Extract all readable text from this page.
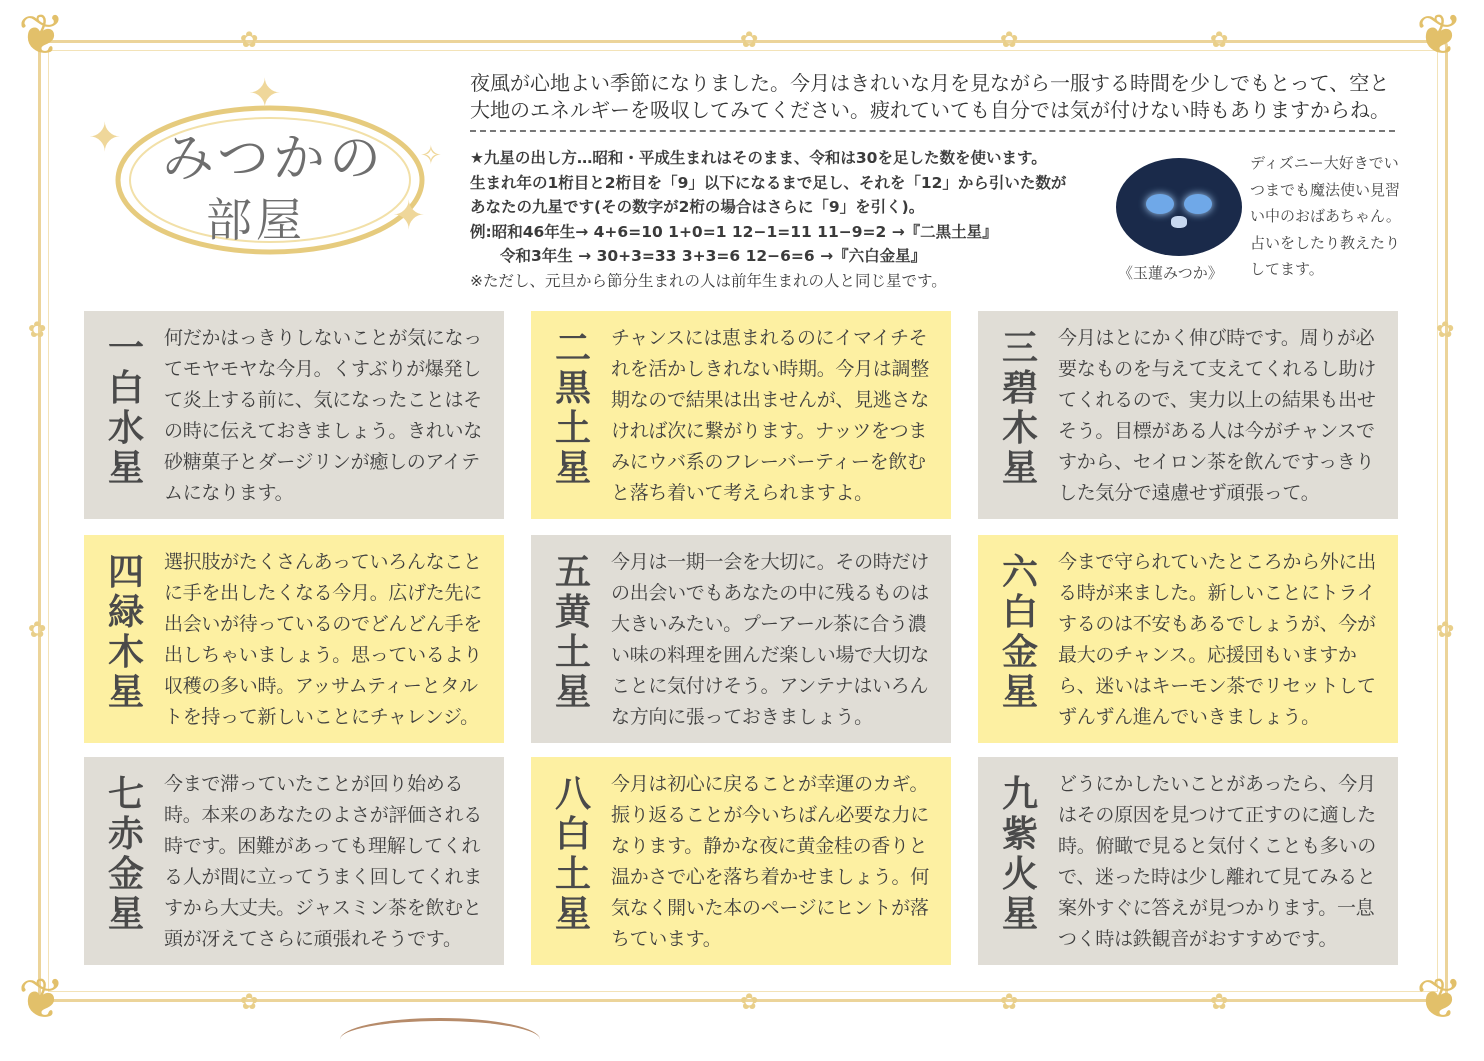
❦	❦
❦	❦
✿	✿	✿	✿
✿
✿
✿
✿
✿	✿	✿	✿
みつかの
部屋
✦
✦
✦
✧
夜風が心地よい季節になりました。今月はきれいな月を見ながら一服する時間を少しでもとって、空と大地のエネルギーを吸収してみてください。疲れていても自分では気が付けない時もありますからね。
★九星の出し方…昭和・平成生まれはそのまま、令和は30を足した数を使います。
生まれ年の1桁目と2桁目を「9」以下になるまで足し、それを「12」から引いた数が
あなたの九星です(その数字が2桁の場合はさらに「9」を引く)。
例:昭和46年生→ 4+6=10 1+0=1 12−1=11 11−9=2 →『二黒土星』
令和3年生 → 30+3=33 3+3=6 12−6=6 →『六白金星』
※ただし、元旦から節分生まれの人は前年生まれの人と同じ星です。	《玉蓮みつか》
ディズニー大好きでいつまでも魔法使い見習い中のおばあちゃん。占いをしたり教えたりしてます。
一白水星
何だかはっきりしないことが気になってモヤモヤな今月。くすぶりが爆発して炎上する前に、気になったことはその時に伝えておきましょう。きれいな砂糖菓子とダージリンが癒しのアイテムになります。
二黒土星
チャンスには恵まれるのにイマイチそれを活かしきれない時期。今月は調整期なので結果は出ませんが、見逃さなければ次に繋がります。ナッツをつまみにウバ系のフレーバーティーを飲むと落ち着いて考えられますよ。
三碧木星
今月はとにかく伸び時です。周りが必要なものを与えて支えてくれるし助けてくれるので、実力以上の結果も出せそう。目標がある人は今がチャンスですから、セイロン茶を飲んですっきりした気分で遠慮せず頑張って。
四緑木星
選択肢がたくさんあっていろんなことに手を出したくなる今月。広げた先に出会いが待っているのでどんどん手を出しちゃいましょう。思っているより収穫の多い時。アッサムティーとタルトを持って新しいことにチャレンジ。
五黄土星
今月は一期一会を大切に。その時だけの出会いでもあなたの中に残るものは大きいみたい。プーアール茶に合う濃い味の料理を囲んだ楽しい場で大切なことに気付けそう。アンテナはいろんな方向に張っておきましょう。
六白金星
今まで守られていたところから外に出る時が来ました。新しいことにトライするのは不安もあるでしょうが、今が最大のチャンス。応援団もいますから、迷いはキーモン茶でリセットしてずんずん進んでいきましょう。
七赤金星
今まで滞っていたことが回り始める時。本来のあなたのよさが評価される時です。困難があっても理解してくれる人が間に立ってうまく回してくれますから大丈夫。ジャスミン茶を飲むと頭が冴えてさらに頑張れそうです。
八白土星
今月は初心に戻ることが幸運のカギ。振り返ることが今いちばん必要な力になります。静かな夜に黄金桂の香りと温かさで心を落ち着かせましょう。何気なく開いた本のページにヒントが落ちています。
九紫火星
どうにかしたいことがあったら、今月はその原因を見つけて正すのに適した時。俯瞰で見ると気付くことも多いので、迷った時は少し離れて見てみると案外すぐに答えが見つかります。一息つく時は鉄観音がおすすめです。
